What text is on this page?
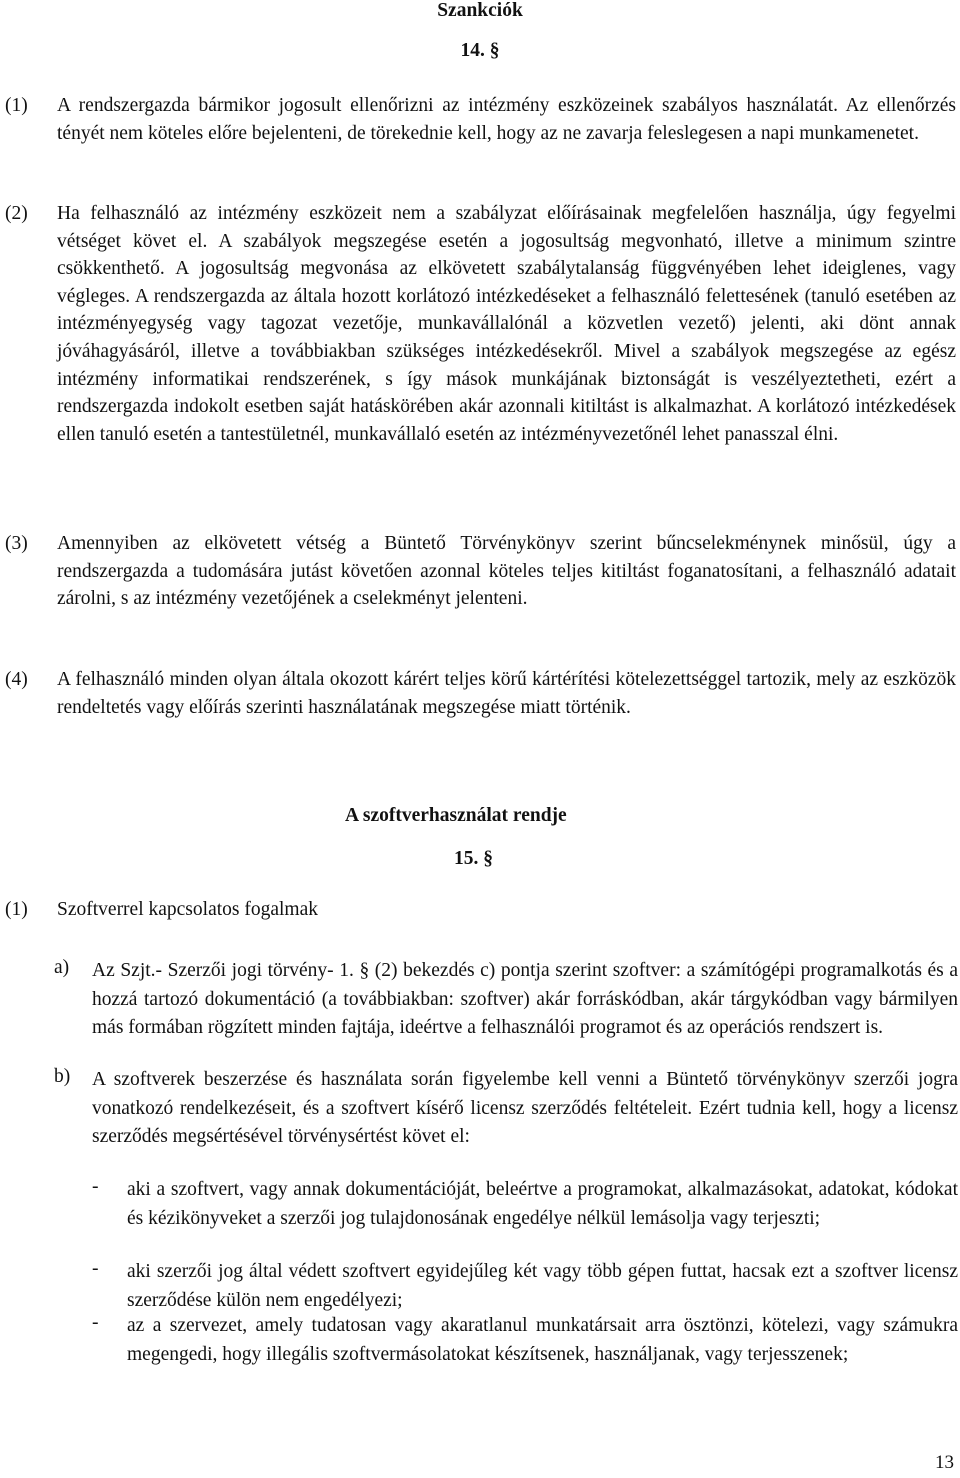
Szankciók
14. §
(1) A rendszergazda bármikor jogosult ellenőrizni az intézmény eszközeinek szabályos használatát. Az ellenőrzés tényét nem köteles előre bejelenteni, de törekednie kell, hogy az ne zavarja feleslegesen a napi munkamenetet.
(2) Ha felhasználó az intézmény eszközeit nem a szabályzat előírásainak megfelelően használja, úgy fegyelmi vétséget követ el. A szabályok megszegése esetén a jogosultság megvonható, illetve a minimum szintre csökkenthető. A jogosultság megvonása az elkövetett szabálytalanság függvényében lehet ideiglenes, vagy végleges. A rendszergazda az általa hozott korlátozó intézkedéseket a felhasználó felettesének (tanuló esetében az intézményegység vagy tagozat vezetője, munkavállalónál a közvetlen vezető) jelenti, aki dönt annak jóváhagyásáról, illetve a továbbiakban szükséges intézkedésekről. Mivel a szabályok megszegése az egész intézmény informatikai rendszerének, s így mások munkájának biztonságát is veszélyeztetheti, ezért a rendszergazda indokolt esetben saját hatáskörében akár azonnali kitiltást is alkalmazhat. A korlátozó intézkedések ellen tanuló esetén a tantestületnél, munkavállaló esetén az intézményvezetőnél lehet panasszal élni.
(3) Amennyiben az elkövetett vétség a Büntető Törvénykönyv szerint bűncselekménynek minősül, úgy a rendszergazda a tudomására jutást követően azonnal köteles teljes kitiltást foganatosítani, a felhasználó adatait zárolni, s az intézmény vezetőjének a cselekményt jelenteni.
(4) A felhasználó minden olyan általa okozott kárért teljes körű kártérítési kötelezettséggel tartozik, mely az eszközök rendeltetés vagy előírás szerinti használatának megszegése miatt történik.
A szoftverhasználat rendje
15. §
(1) Szoftverrel kapcsolatos fogalmak
a) Az Szjt.- Szerzői jogi törvény- 1. § (2) bekezdés c) pontja szerint szoftver: a számítógépi programalkotás és a hozzá tartozó dokumentáció (a továbbiakban: szoftver) akár forráskódban, akár tárgykódban vagy bármilyen más formában rögzített minden fajtája, ideértve a felhasználói programot és az operációs rendszert is.
b) A szoftverek beszerzése és használata során figyelembe kell venni a Büntető törvénykönyv szerzői jogra vonatkozó rendelkezéseit, és a szoftvert kísérő licensz szerződés feltételeit. Ezért tudnia kell, hogy a licensz szerződés megsértésével törvénysértést követ el:
- aki a szoftvert, vagy annak dokumentációját, beleértve a programokat, alkalmazásokat, adatokat, kódokat és kézikönyveket a szerzői jog tulajdonosának engedélye nélkül lemásolja vagy terjeszti;
- aki szerzői jog által védett szoftvert egyidejűleg két vagy több gépen futtat, hacsak ezt a szoftver licensz szerződése külön nem engedélyezi;
- az a szervezet, amely tudatosan vagy akaratlanul munkatársait arra ösztönzi, kötelezi, vagy számukra megengedi, hogy illegális szoftvermásolatokat készítsenek, használjanak, vagy terjesszenek;
13
